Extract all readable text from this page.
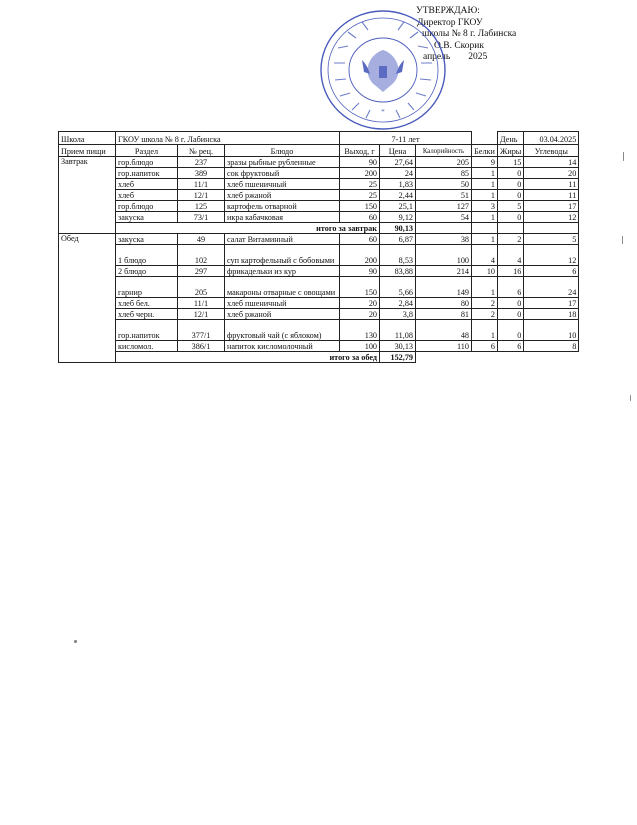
УТВЕРЖДАЮ:
Директор ГКОУ
школы № 8 г. Лабинска
О.В. Скорик
апрель 2025
*
Школа	ГКОУ школа № 8 г. Лабинска			7-11 лет				День	03.04.2025
Прием пищи	Раздел	№ рец.	Блюдо	Выход, г	Цена	Калорийность	Белки	Жиры	Углеводы
Завтрак	гор.блюдо	237	зразы рыбные рубленные	90	27,64	205	9	15	14
	гор.напиток	389	сок фруктовый	200	24	85	1	0	20
	хлеб	11/1	хлеб пшеничный	25	1,83	50	1	0	11
	хлеб	12/1	хлеб ржаной	25	2,44	51	1	0	11
	гор.блюдо	125	картофель отварной	150	25,1	127	3	5	17
	закуска	73/1	икра кабачковая	60	9,12	54	1	0	12
	итого за завтрак				90,13				
Обед	закуска	49	салат Витаминный	60	6,87	38	1	2	5
	1 блюдо	102	суп картофельный с бобовыми	200	8,53	100	4	4	12
	2 блюдо	297	фрикадельки из кур	90	83,88	214	10	16	6
	гарнир	205	макароны отварные с овощами	150	5,66	149	1	6	24
	хлеб бел.	11/1	хлеб пшеничный	20	2,84	80	2	0	17
	хлеб черн.	12/1	хлеб ржаной	20	3,8	81	2	0	18
	гор.напиток	377/1	фруктовый чай (с яблоком)	130	11,08	48	1	0	10
	кисломол.	386/1	напиток кисломолочный	100	30,13	110	6	6	8
	итого за обед				152,79				
